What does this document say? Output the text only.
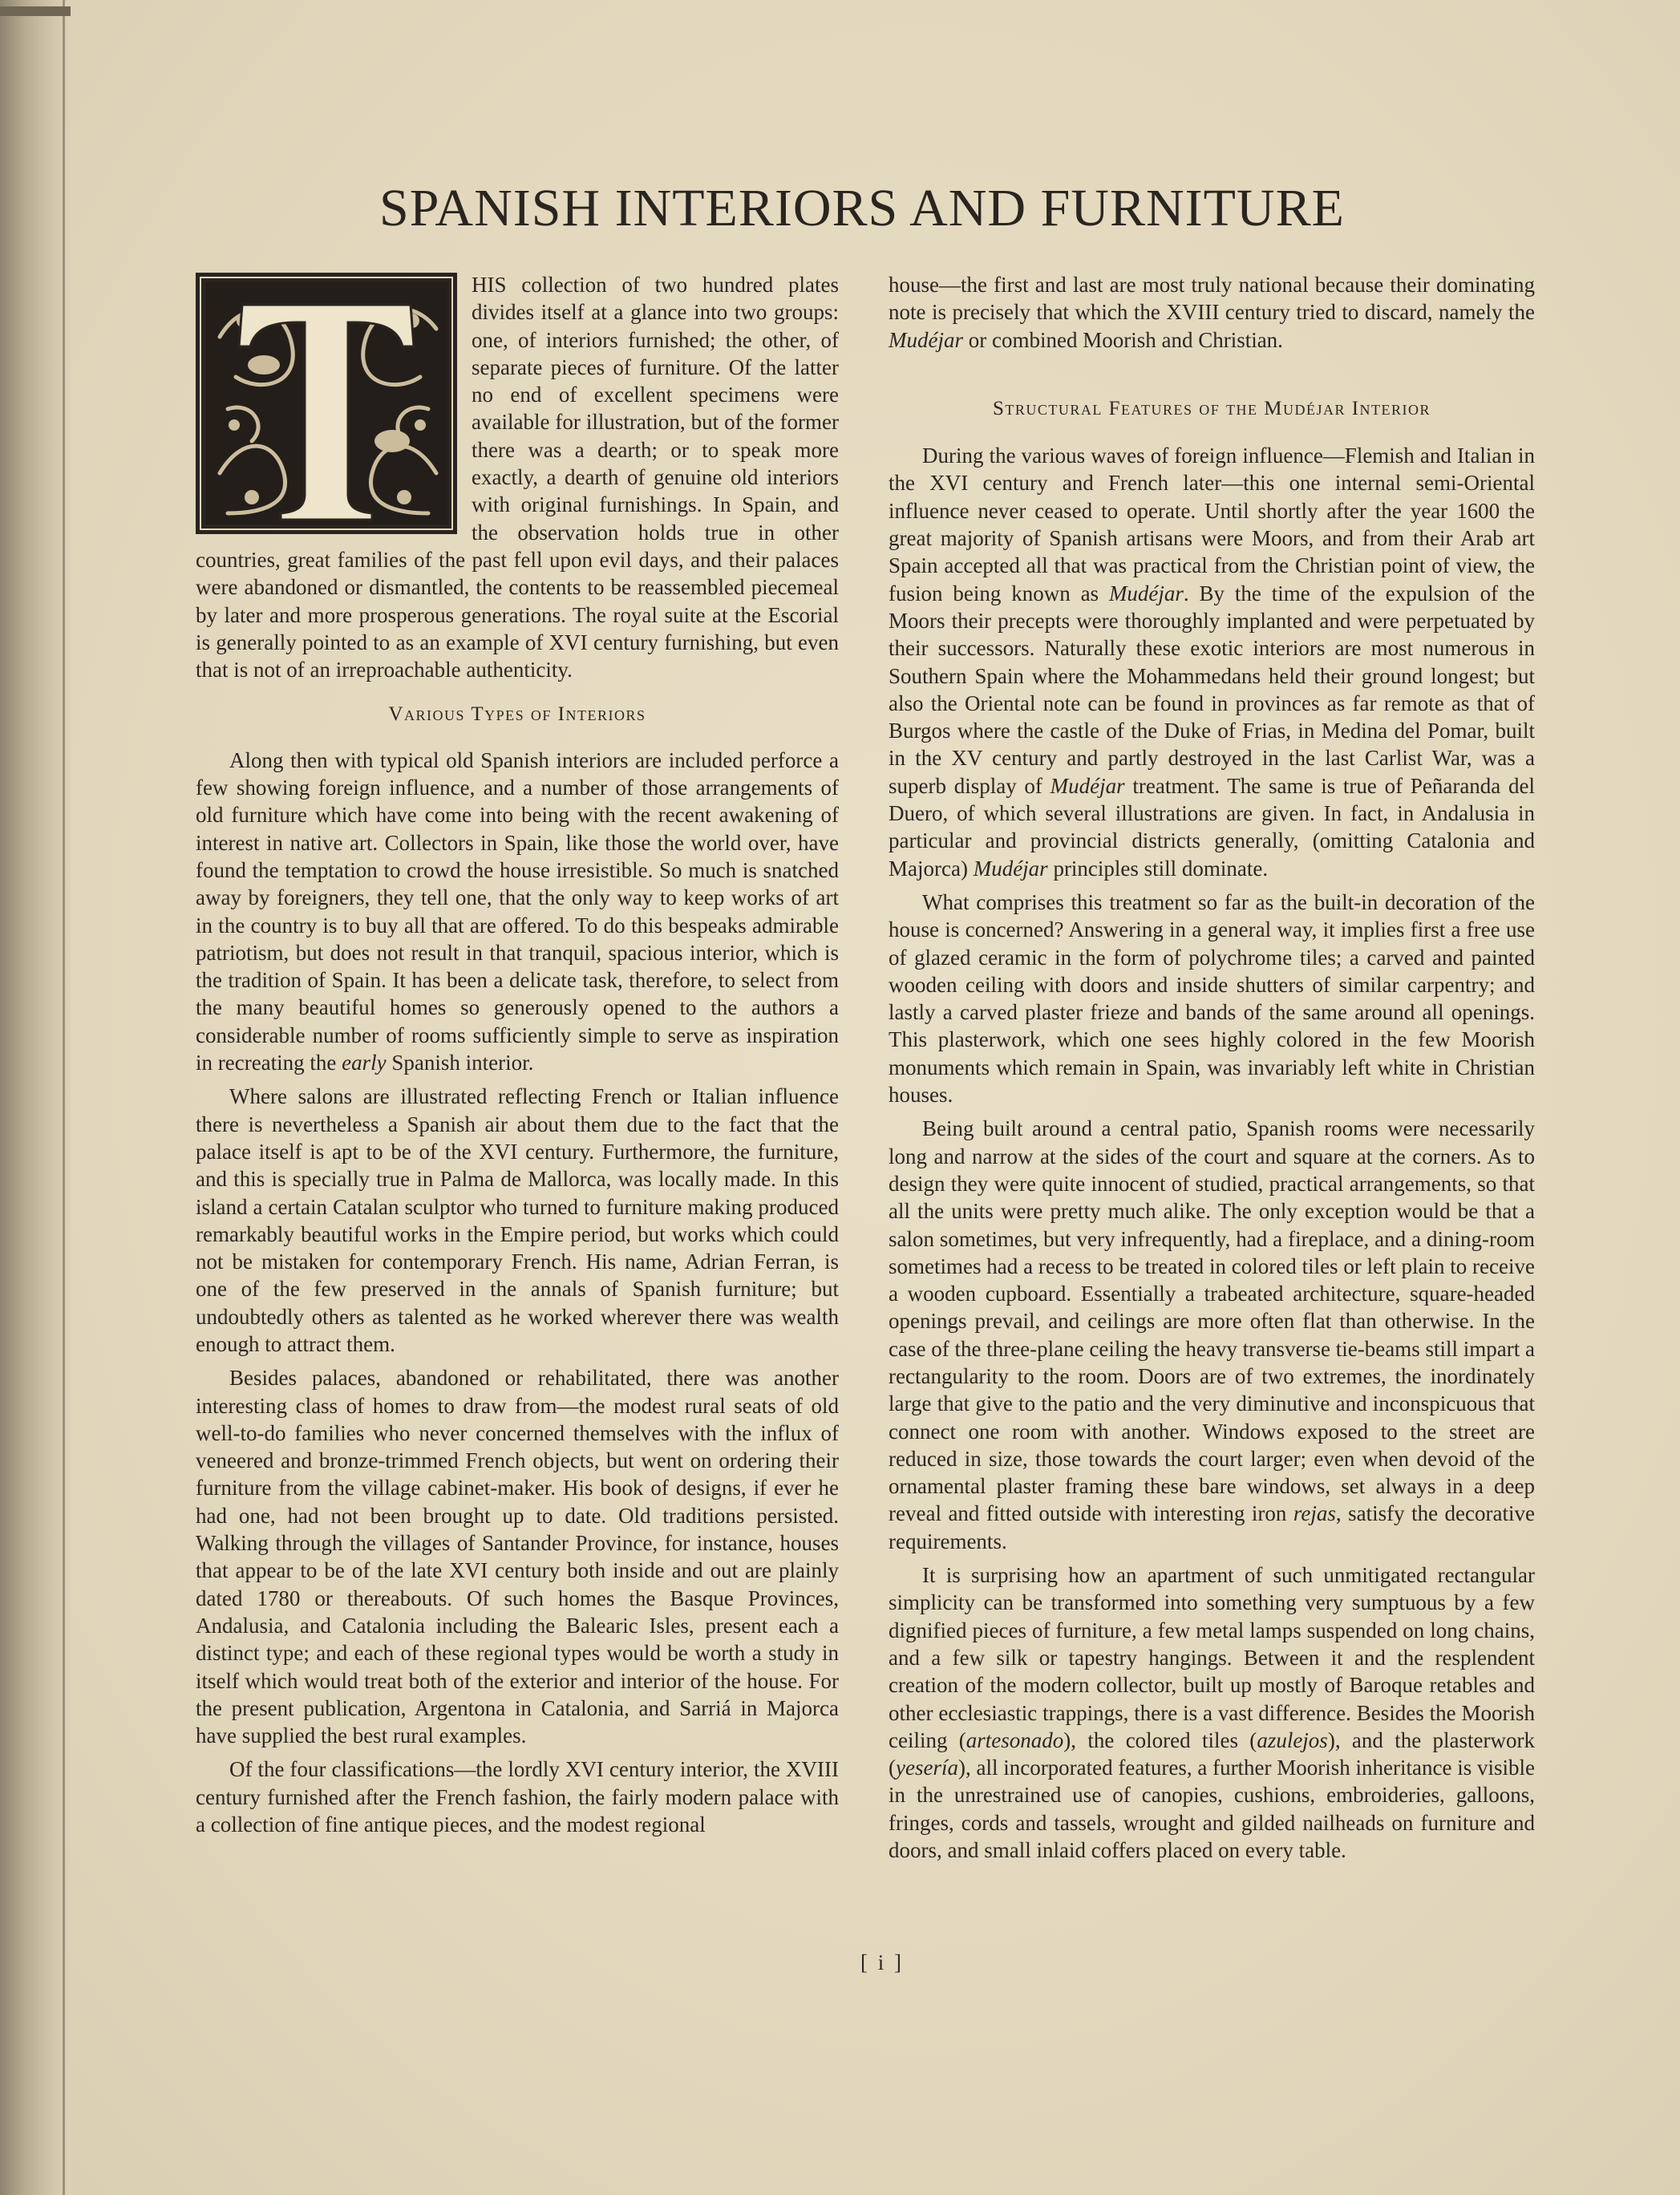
SPANISH INTERIORS AND FURNITURE

HIS collection of two hundred plates divides itself at a glance into two groups: one, of interiors furnished; the other, of separate pieces of furniture. Of the latter no end of excellent specimens were available for illustration, but of the former there was a dearth; or to speak more exactly, a dearth of genuine old interiors with original furnishings. In Spain, and the observation holds true in other countries, great families of the past fell upon evil days, and their palaces were abandoned or dismantled, the contents to be reassembled piecemeal by later and more prosperous generations. The royal suite at the Escorial is generally pointed to as an example of XVI century furnishing, but even that is not of an irreproachable authenticity.

Various Types of Interiors

Along then with typical old Spanish interiors are included perforce a few showing foreign influence, and a number of those arrangements of old furniture which have come into being with the recent awakening of interest in native art. Collectors in Spain, like those the world over, have found the temptation to crowd the house irresistible. So much is snatched away by foreigners, they tell one, that the only way to keep works of art in the country is to buy all that are offered. To do this bespeaks admirable patriotism, but does not result in that tranquil, spacious interior, which is the tradition of Spain. It has been a delicate task, therefore, to select from the many beautiful homes so generously opened to the authors a considerable number of rooms sufficiently simple to serve as inspiration in recreating the early Spanish interior.

Where salons are illustrated reflecting French or Italian influence there is nevertheless a Spanish air about them due to the fact that the palace itself is apt to be of the XVI century. Furthermore, the furniture, and this is specially true in Palma de Mallorca, was locally made. In this island a certain Catalan sculptor who turned to furniture making produced remarkably beautiful works in the Empire period, but works which could not be mistaken for contemporary French. His name, Adrian Ferran, is one of the few preserved in the annals of Spanish furniture; but undoubtedly others as talented as he worked wherever there was wealth enough to attract them.

Besides palaces, abandoned or rehabilitated, there was another interesting class of homes to draw from—the modest rural seats of old well-to-do families who never concerned themselves with the influx of veneered and bronze-trimmed French objects, but went on ordering their furniture from the village cabinet-maker. His book of designs, if ever he had one, had not been brought up to date. Old traditions persisted. Walking through the villages of Santander Province, for instance, houses that appear to be of the late XVI century both inside and out are plainly dated 1780 or thereabouts. Of such homes the Basque Provinces, Andalusia, and Catalonia including the Balearic Isles, present each a distinct type; and each of these regional types would be worth a study in itself which would treat both of the exterior and interior of the house. For the present publication, Argentona in Catalonia, and Sarriá in Majorca have supplied the best rural examples.

Of the four classifications—the lordly XVI century interior, the XVIII century furnished after the French fashion, the fairly modern palace with a collection of fine antique pieces, and the modest regional

house—the first and last are most truly national because their dominating note is precisely that which the XVIII century tried to discard, namely the Mudéjar or combined Moorish and Christian.

Structural Features of the Mudéjar Interior

During the various waves of foreign influence—Flemish and Italian in the XVI century and French later—this one internal semi-Oriental influence never ceased to operate. Until shortly after the year 1600 the great majority of Spanish artisans were Moors, and from their Arab art Spain accepted all that was practical from the Christian point of view, the fusion being known as Mudéjar. By the time of the expulsion of the Moors their precepts were thoroughly implanted and were perpetuated by their successors. Naturally these exotic interiors are most numerous in Southern Spain where the Mohammedans held their ground longest; but also the Oriental note can be found in provinces as far remote as that of Burgos where the castle of the Duke of Frias, in Medina del Pomar, built in the XV century and partly destroyed in the last Carlist War, was a superb display of Mudéjar treatment. The same is true of Peñaranda del Duero, of which several illustrations are given. In fact, in Andalusia in particular and provincial districts generally, (omitting Catalonia and Majorca) Mudéjar principles still dominate.

What comprises this treatment so far as the built-in decoration of the house is concerned? Answering in a general way, it implies first a free use of glazed ceramic in the form of polychrome tiles; a carved and painted wooden ceiling with doors and inside shutters of similar carpentry; and lastly a carved plaster frieze and bands of the same around all openings. This plasterwork, which one sees highly colored in the few Moorish monuments which remain in Spain, was invariably left white in Christian houses.

Being built around a central patio, Spanish rooms were necessarily long and narrow at the sides of the court and square at the corners. As to design they were quite innocent of studied, practical arrangements, so that all the units were pretty much alike. The only exception would be that a salon sometimes, but very infrequently, had a fireplace, and a dining-room sometimes had a recess to be treated in colored tiles or left plain to receive a wooden cupboard. Essentially a trabeated architecture, square-headed openings prevail, and ceilings are more often flat than otherwise. In the case of the three-plane ceiling the heavy transverse tie-beams still impart a rectangularity to the room. Doors are of two extremes, the inordinately large that give to the patio and the very diminutive and inconspicuous that connect one room with another. Windows exposed to the street are reduced in size, those towards the court larger; even when devoid of the ornamental plaster framing these bare windows, set always in a deep reveal and fitted outside with interesting iron rejas, satisfy the decorative requirements.

It is surprising how an apartment of such unmitigated rectangular simplicity can be transformed into something very sumptuous by a few dignified pieces of furniture, a few metal lamps suspended on long chains, and a few silk or tapestry hangings. Between it and the resplendent creation of the modern collector, built up mostly of Baroque retables and other ecclesiastic trappings, there is a vast difference. Besides the Moorish ceiling (artesonado), the colored tiles (azulejos), and the plasterwork (yesería), all incorporated features, a further Moorish inheritance is visible in the unrestrained use of canopies, cushions, embroideries, galloons, fringes, cords and tassels, wrought and gilded nailheads on furniture and doors, and small inlaid coffers placed on every table.

[ i ]
